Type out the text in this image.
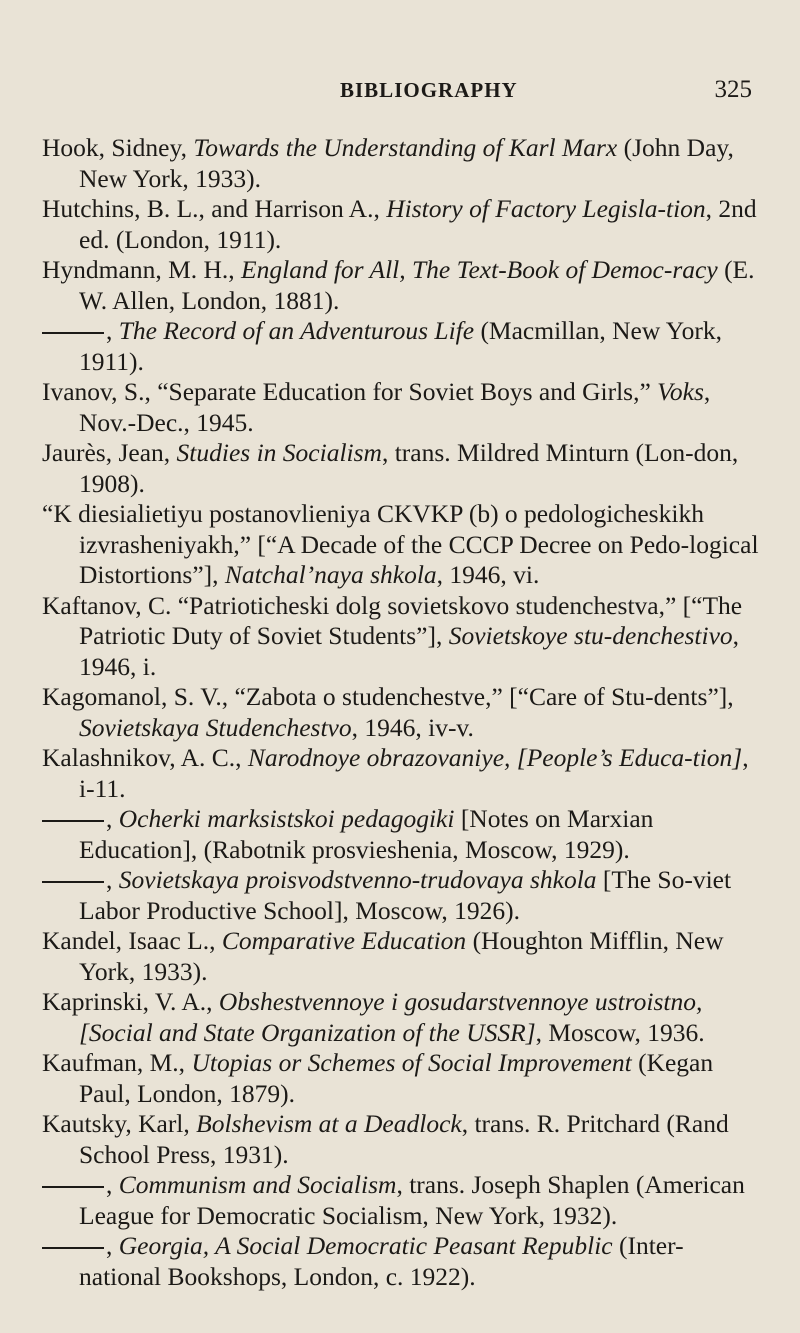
BIBLIOGRAPHY	325

Hook, Sidney, Towards the Understanding of Karl Marx (John Day, New York, 1933).

Hutchins, B. L., and Harrison A., History of Factory Legisla-tion, 2nd ed. (London, 1911).

Hyndmann, M. H., England for All, The Text-Book of Democ-racy (E. W. Allen, London, 1881).

, The Record of an Adventurous Life (Macmillan, New York, 1911).

Ivanov, S., “Separate Education for Soviet Boys and Girls,” Voks, Nov.-Dec., 1945.

Jaurès, Jean, Studies in Socialism, trans. Mildred Minturn (Lon-don, 1908).

“K diesialietiyu postanovlieniya CKVKP (b) o pedologicheskikh izvrasheniyakh,” [“A Decade of the CCCP Decree on Pedo-logical Distortions”], Natchal’naya shkola, 1946, vi.

Kaftanov, C. “Patrioticheski dolg sovietskovo studenchestva,” [“The Patriotic Duty of Soviet Students”], Sovietskoye stu-denchestivo, 1946, i.

Kagomanol, S. V., “Zabota o studenchestve,” [“Care of Stu-dents”], Sovietskaya Studenchestvo, 1946, iv-v.

Kalashnikov, A. C., Narodnoye obrazovaniye, [People’s Educa-tion], i-11.

, Ocherki marksistskoi pedagogiki [Notes on Marxian Education], (Rabotnik prosvieshenia, Moscow, 1929).

, Sovietskaya proisvodstvenno-trudovaya shkola [The So-viet Labor Productive School], Moscow, 1926).

Kandel, Isaac L., Comparative Education (Houghton Mifflin, New York, 1933).

Kaprinski, V. A., Obshestvennoye i gosudarstvennoye ustroistno, [Social and State Organization of the USSR], Moscow, 1936.

Kaufman, M., Utopias or Schemes of Social Improvement (Kegan Paul, London, 1879).

Kautsky, Karl, Bolshevism at a Deadlock, trans. R. Pritchard (Rand School Press, 1931).

, Communism and Socialism, trans. Joseph Shaplen (American League for Democratic Socialism, New York, 1932).

, Georgia, A Social Democratic Peasant Republic (Inter-national Bookshops, London, c. 1922).
